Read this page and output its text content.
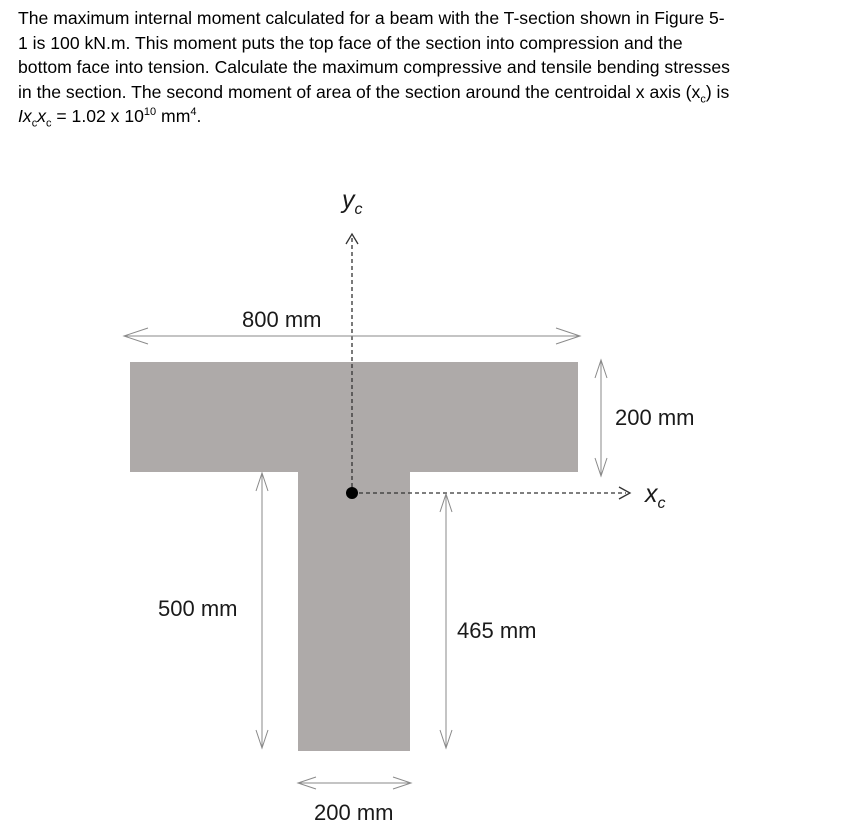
The maximum internal moment calculated for a beam with the T-section shown in Figure 5-
1 is 100 kN.m. This moment puts the top face of the section into compression and the
bottom face into tension. Calculate the maximum compressive and tensile bending stresses
in the section. The second moment of area of the section around the centroidal x axis $(x_c)$ is
$Ix_cx_c = 1.02$ x $10^{10}$ $mm^4$.
$y_c$
$x_c$
800 mm
200 mm
500 mm
465 mm
200 mm
